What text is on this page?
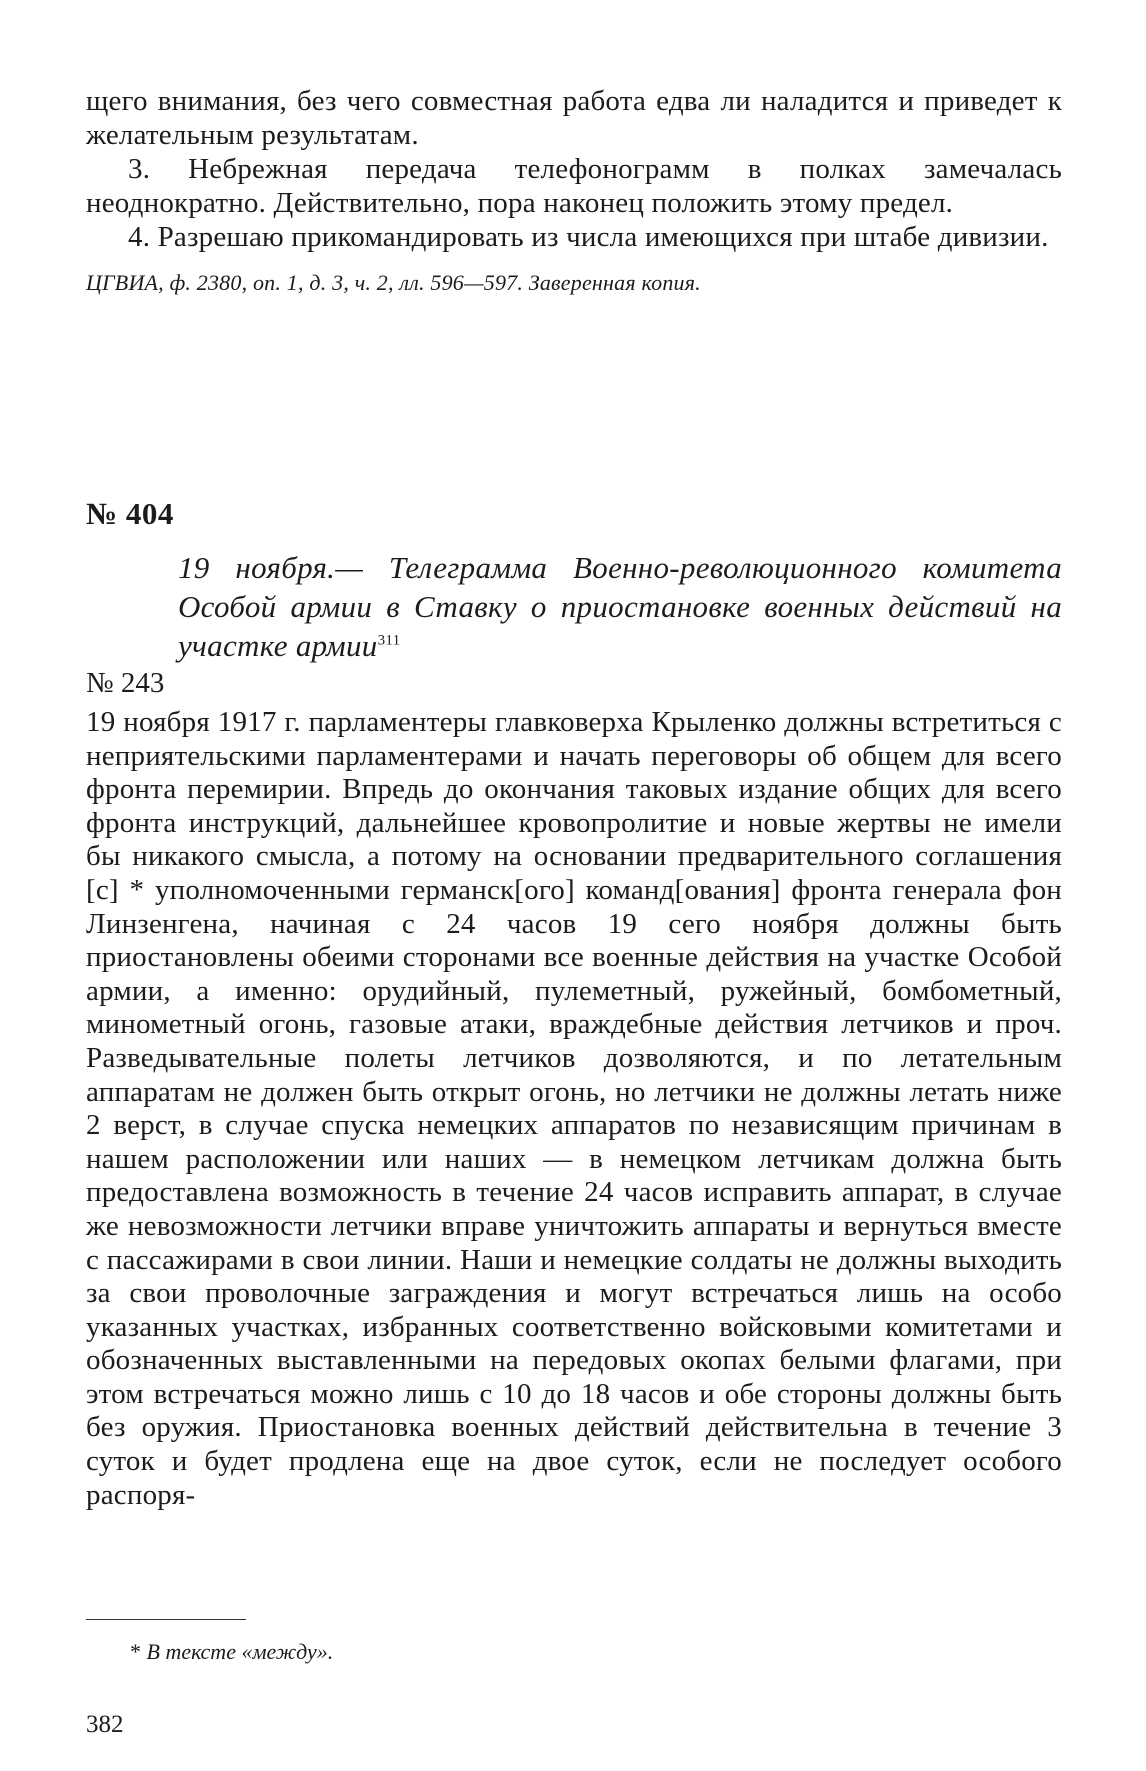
щего внимания, без чего совместная работа едва ли наладится и приведет к желательным результатам.

3. Небрежная передача телефонограмм в полках замечалась неоднократно. Действительно, пора наконец положить этому предел.

4. Разрешаю прикомандировать из числа имеющихся при штабе дивизии.

ЦГВИА, ф. 2380, оп. 1, д. 3, ч. 2, лл. 596—597. Заверенная копия.

№ 404

19 ноября.— Телеграмма Военно-революционного комитета Особой армии в Ставку о приостановке военных действий на участке армии$^{311}$

№ 243

19 ноября 1917 г. парламентеры главковерха Крыленко должны встретиться с неприятельскими парламентерами и начать переговоры об общем для всего фронта перемирии. Впредь до окончания таковых издание общих для всего фронта инструкций, дальнейшее кровопролитие и новые жертвы не имели бы никакого смысла, а потому на основании предварительного соглашения [с] * уполномоченными германск[ого] команд[ования] фронта генерала фон Линзенгена, начиная с 24 часов 19 сего ноября должны быть приостановлены обеими сторонами все военные действия на участке Особой армии, а именно: орудийный, пулеметный, ружейный, бомбометный, минометный огонь, газовые атаки, враждебные действия летчиков и проч. Разведывательные полеты летчиков дозволяются, и по летательным аппаратам не должен быть открыт огонь, но летчики не должны летать ниже 2 верст, в случае спуска немецких аппаратов по независящим причинам в нашем расположении или наших — в немецком летчикам должна быть предоставлена возможность в течение 24 часов исправить аппарат, в случае же невозможности летчики вправе уничтожить аппараты и вернуться вместе с пассажирами в свои линии. Наши и немецкие солдаты не должны выходить за свои проволочные заграждения и могут встречаться лишь на особо указанных участках, избранных соответственно войсковыми комитетами и обозначенных выставленными на передовых окопах белыми флагами, при этом встречаться можно лишь с 10 до 18 часов и обе стороны должны быть без оружия. Приостановка военных действий действительна в течение 3 суток и будет продлена еще на двое суток, если не последует особого распоря-

* В тексте «между».

382
